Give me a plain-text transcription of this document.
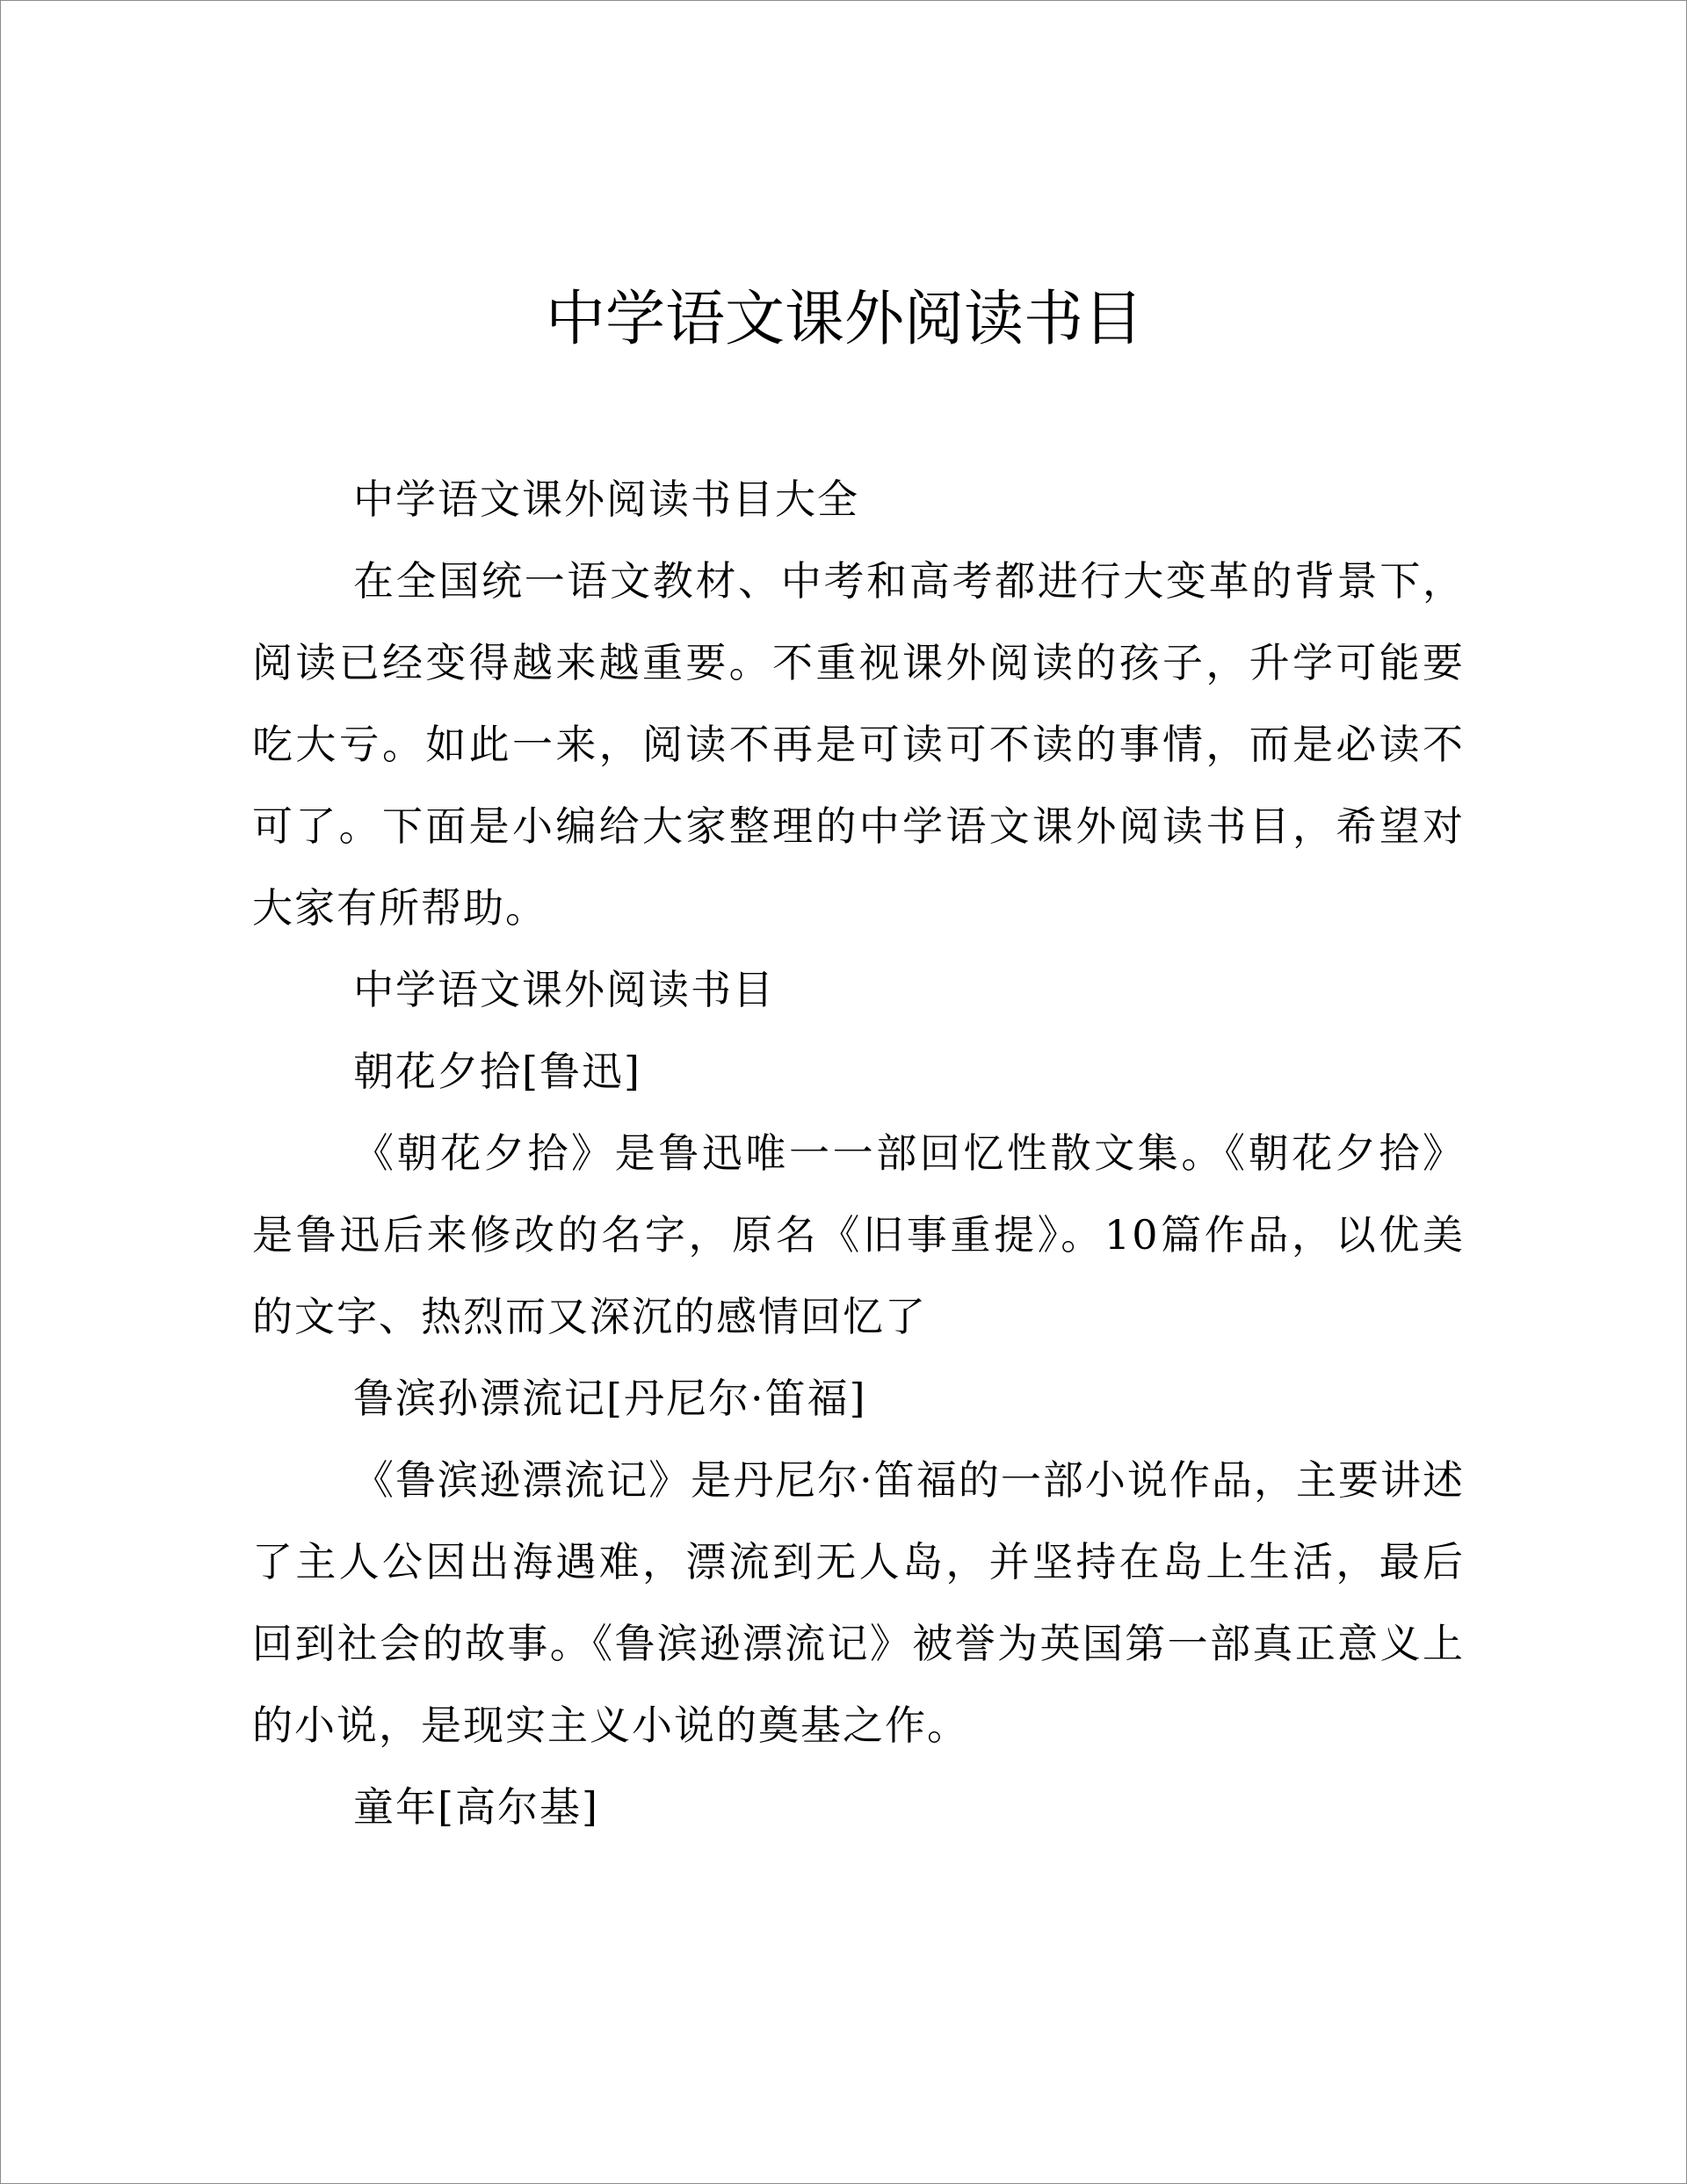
中学语文课外阅读书目

中学语文课外阅读书目大全

在全国统一语文教材、中考和高考都进行大变革的背景下，阅读已经变得越来越重要。不重视课外阅读的孩子，升学可能要吃大亏。如此一来，阅读不再是可读可不读的事情，而是必读不可了。下面是小编给大家整理的中学语文课外阅读书目，希望对大家有所帮助。

中学语文课外阅读书目

朝花夕拾[鲁迅]

《朝花夕拾》是鲁迅唯一一部回忆性散文集。《朝花夕拾》是鲁迅后来修改的名字，原名《旧事重提》。10篇作品，以优美的文字、热烈而又深沉的感情回忆了

鲁滨孙漂流记[丹尼尔·笛福]

《鲁滨逊漂流记》是丹尼尔·笛福的一部小说作品，主要讲述了主人公因出海遇难，漂流到无人岛，并坚持在岛上生活，最后回到社会的故事。《鲁滨逊漂流记》被誉为英国第一部真正意义上的小说，是现实主义小说的奠基之作。

童年[高尔基]
